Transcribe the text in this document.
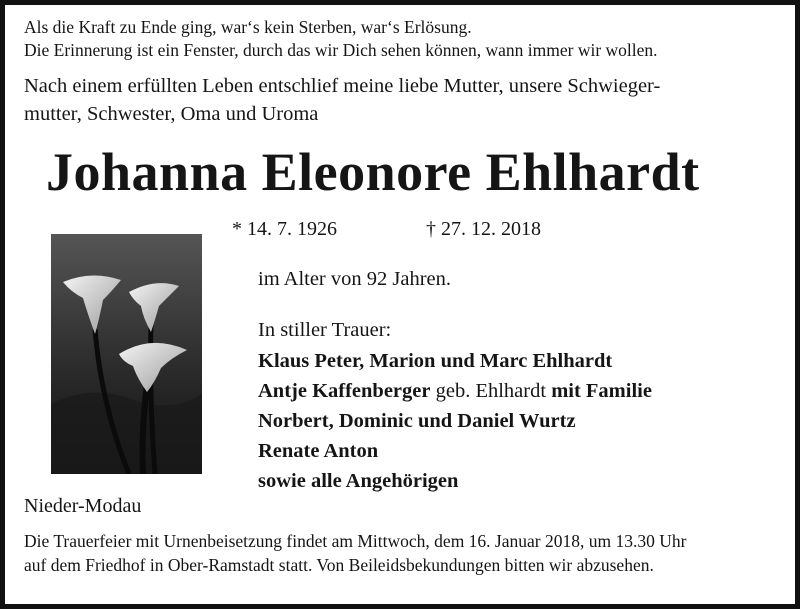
Als die Kraft zu Ende ging, war‘s kein Sterben, war‘s Erlösung.
Die Erinnerung ist ein Fenster, durch das wir Dich sehen können, wann immer wir wollen.
Nach einem erfüllten Leben entschlief meine liebe Mutter, unsere Schwieger-
mutter, Schwester, Oma und Uroma
Johanna Eleonore Ehlhardt
* 14. 7. 1926	† 27. 12. 2018
im Alter von 92 Jahren.
In stiller Trauer:
Klaus Peter, Marion und Marc Ehlhardt
Antje Kaffenberger geb. Ehlhardt mit Familie
Norbert, Dominic und Daniel Wurtz
Renate Anton
sowie alle Angehörigen
Nieder-Modau
Die Trauerfeier mit Urnenbeisetzung findet am Mittwoch, dem 16. Januar 2018, um 13.30 Uhr
auf dem Friedhof in Ober-Ramstadt statt. Von Beileidsbekundungen bitten wir abzusehen.
